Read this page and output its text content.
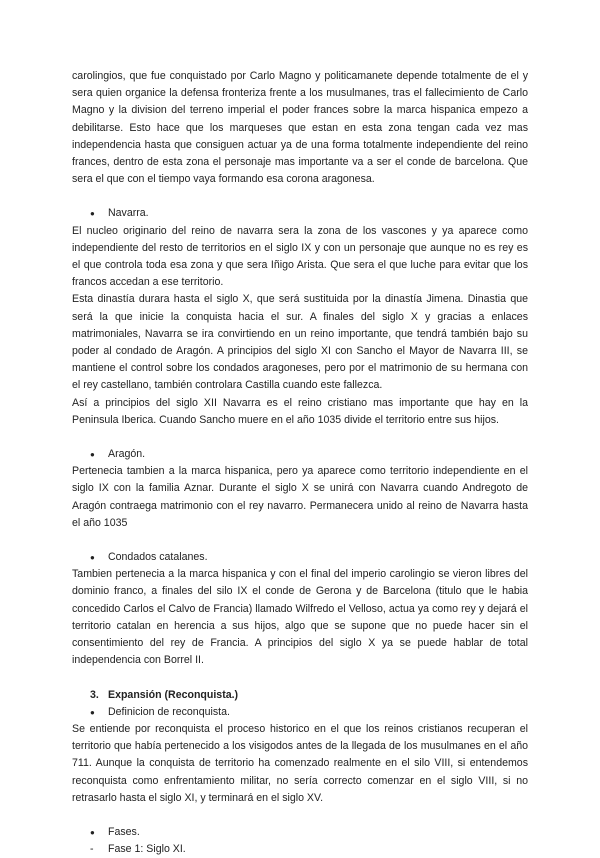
carolingios, que fue conquistado por Carlo Magno y politicamanete depende totalmente de el y sera quien organice la defensa fronteriza frente a los musulmanes, tras el fallecimiento de Carlo Magno y la division del terreno imperial el poder frances sobre la marca hispanica empezo a debilitarse. Esto hace que los marqueses que estan en esta zona tengan cada vez mas independencia hasta que consiguen actuar ya de una forma totalmente independiente del reino frances, dentro de esta zona el personaje mas importante va a ser el conde de barcelona. Que sera el que con el tiempo vaya formando esa corona aragonesa.

●	Navarra.

El nucleo originario del reino de navarra sera la zona de los vascones y ya aparece como independiente del resto de territorios en el siglo IX y con un personaje que aunque no es rey es el que controla toda esa zona y que sera Iñigo Arista. Que sera el que luche para evitar que los francos accedan a ese territorio.

Esta dinastía durara hasta el siglo X, que será sustituida por la dinastía Jimena. Dinastia que será la que inicie la conquista hacia el sur. A finales del siglo X y gracias a enlaces matrimoniales, Navarra se ira convirtiendo en un reino importante, que tendrá también bajo su poder al condado de Aragón. A principios del siglo XI con Sancho el Mayor de Navarra III, se mantiene el control sobre los condados aragoneses, pero por el matrimonio de su hermana con el rey castellano, también controlara Castilla cuando este fallezca.

Así a principios del siglo XII Navarra es el reino cristiano mas importante que hay en la Peninsula Iberica. Cuando Sancho muere en el año 1035 divide el territorio entre sus hijos.

●	Aragón.

Pertenecia tambien a la marca hispanica, pero ya aparece como territorio independiente en el siglo IX con la familia Aznar. Durante el siglo X se unirá con Navarra cuando Andregoto de Aragón contraega matrimonio con el rey navarro. Permanecera unido al reino de Navarra hasta el año 1035

●	Condados catalanes.

Tambien pertenecia a la marca hispanica y con el final del imperio carolingio se vieron libres del dominio franco, a finales del silo IX el conde de Gerona y de Barcelona (titulo que le habia concedido Carlos el Calvo de Francia) llamado Wilfredo el Velloso, actua ya como rey y dejará el territorio catalan en herencia a sus hijos, algo que se supone que no puede hacer sin el consentimiento del rey de Francia. A principios del siglo X ya se puede hablar de total independencia con Borrel II.

3. Expansión (Reconquista.)
●	Definicion de reconquista.

Se entiende por reconquista el proceso historico en el que los reinos cristianos recuperan el territorio que había pertenecido a los visigodos antes de la llegada de los musulmanes en el año 711. Aunque la conquista de territorio ha comenzado realmente en el silo VIII, si entendemos reconquista como enfrentamiento militar, no sería correcto comenzar en el siglo VIII, si no retrasarlo hasta el siglo XI, y terminará en el siglo XV.

●	Fases.
-	Fase 1: Siglo XI.
